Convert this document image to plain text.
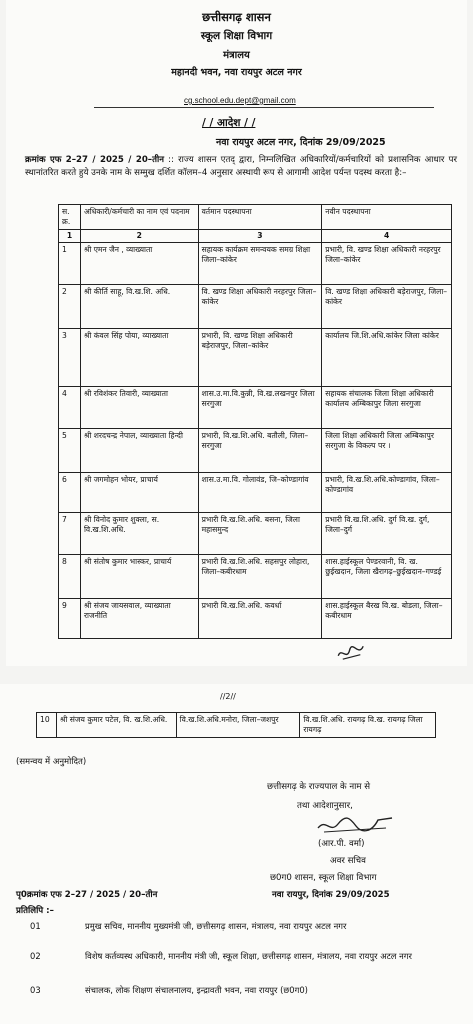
छत्तीसगढ़ शासन
स्कूल शिक्षा विभाग
मंत्रालय
महानदी भवन, नवा रायपुर अटल नगर
cg.school.edu.dept@gmail.com
/ / आदेश / /
नवा रायपुर अटल नगर, दिनांक 29/09/2025
क्रमांक एफ 2–27 / 2025 / 20–तीन :: राज्य शासन एतद् द्वारा, निम्नलिखित अधिकारियों/कर्मचारियों को प्रशासनिक आधार पर स्थानांतरित करते हुये उनके नाम के सम्मुख दर्शित कॉलम–4 अनुसार अस्थायी रूप से आगामी आदेश पर्यन्त पदस्थ करता है:–
स. क्र.	अधिकारी/कर्मचारी का नाम एवं पदनाम	वर्तमान पदस्थापना	नवीन पदस्थापना
1	2	3	4
1	श्री एमन जैन , व्याख्याता	सहायक कार्यक्रम समन्वयक समग्र शिक्षा जिला–कांकेर	प्रभारी, वि. खण्ड शिक्षा अधिकारी नरहरपुर जिला–कांकेर
2	श्री कीर्ति साहू, वि.ख.शि. अधि.	वि. खण्ड शिक्षा अधिकारी नरहरपुर जिला–कांकेर	वि. खण्ड शिक्षा अधिकारी बड़ेराजपुर, जिला–कांकेर
3	श्री कंवल सिंह पोया, व्याख्याता	प्रभारी, वि. खण्ड शिक्षा अधिकारी बड़ेराजपुर, जिला–कांकेर	कार्यालय जि.शि.अधि.कांकेर जिला कांकेर
4	श्री रविशंकर तिवारी, व्याख्याता	शास.उ.मा.वि.कुन्नी, वि.ख.लखनपुर जिला सरगुजा	सहायक संचालक जिला शिक्षा अधिकारी कार्यालय अम्बिकापुर जिला सरगुजा
5	श्री शरदचन्द्र नेपाल, व्याख्याता हिन्दी	प्रभारी, वि.ख.शि.अधि. बतौली, जिला–सरगुजा	जिला शिक्षा अधिकारी जिला अम्बिकापुर सरगुजा के विकल्प पर ।
6	श्री जगमोहन भोयर, प्राचार्य	शास.उ.मा.वि. गोलावंड, जि–कोण्डागांव	प्रभारी, वि.ख.शि.अधि.कोण्डागांव, जिला–कोण्डागांव
7	श्री विनोद कुमार शुक्ला, स. वि.ख.शि.अधि.	प्रभारी वि.ख.शि.अधि. बसना, जिला महासमुन्द	प्रभारी वि.ख.शि.अधि. दुर्ग वि.ख. दुर्ग, जिला–दुर्ग
8	श्री संतोष कुमार भास्कर, प्राचार्य	प्रभारी वि.ख.शि.अधि. सहसपुर लोहारा, जिला–कबीरधाम	शास.हाईस्कूल पेण्डरवानी, वि. ख. छुईखदान, जिला खैरागढ़–छुईखदान–गण्डई
9	श्री संजय जायसवाल, व्याख्याता राजनीति	प्रभारी वि.ख.शि.अधि. कवर्धा	शास.हाईस्कूल बैरख वि.ख. बोडला, जिला–कबीरधाम
//2//
10	श्री संजय कुमार पटेल, वि. ख.शि.अधि.	वि.ख.शि.अधि.मनोरा, जिला–जशपुर	वि.ख.शि.अधि. रायगढ़ वि.ख. रायगढ़ जिला रायगढ़
(समन्वय में अनुमोदित)
छत्तीसगढ़ के राज्यपाल के नाम से
तथा आदेशानुसार,
(आर.पी. वर्मा)
अवर सचिव
छ0ग0 शासन, स्कूल शिक्षा विभाग
पृ0क्रमांक एफ 2–27 / 2025 / 20–तीन	नवा रायपुर, दिनांक 29/09/2025
प्रतिलिपि :–
01	प्रमुख सचिव, माननीय मुख्यमंत्री जी, छत्तीसगढ़ शासन, मंत्रालय, नवा रायपुर अटल नगर
02	विशेष कर्तव्यस्थ अधिकारी, माननीय मंत्री जी, स्कूल शिक्षा, छत्तीसगढ़ शासन, मंत्रालय, नवा रायपुर अटल नगर
03	संचालक, लोक शिक्षण संचालनालय, इन्द्रावती भवन, नवा रायपुर (छ0ग0)
